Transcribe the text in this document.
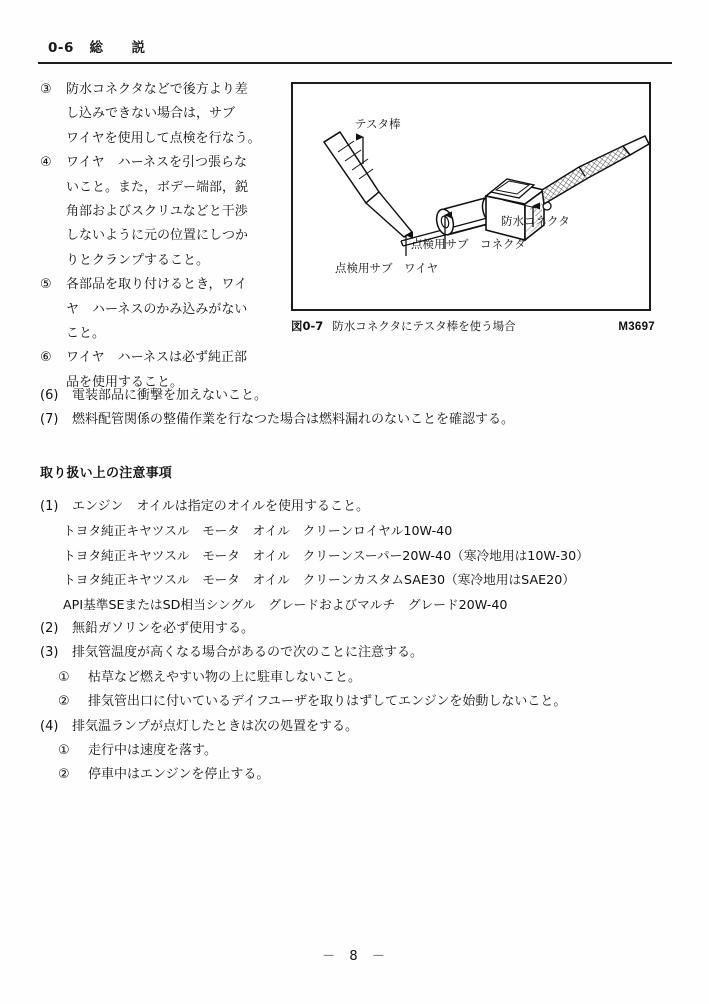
0-6 総　　説
③	防水コネクタなどで後方より差
し込みできない場合は，サブ
ワイヤを使用して点検を行なう。
④	ワイヤ　ハーネスを引つ張らな
いこと。また，ボデー端部，鋭
角部およびスクリユなどと干渉
しないように元の位置にしつか
りとクランプすること。
⑤	各部品を取り付けるとき，ワイ
ヤ　ハーネスのかみ込みがない
こと。
⑥	ワイヤ　ハーネスは必ず純正部
品を使用すること。
テスタ棒
点検用サブ　ワイヤ
点検用サブ　コネクタ
防水コネクタ
図0-7 防水コネクタにテスタ棒を使う場合	M3697
(6)	電装部品に衝撃を加えないこと。
(7)	燃料配管関係の整備作業を行なつた場合は燃料漏れのないことを確認する。
取り扱い上の注意事項
(1)	エンジン　オイルは指定のオイルを使用すること。
トヨタ純正キヤツスル　モータ　オイル　クリーンロイヤル10W-40
トヨタ純正キヤツスル　モータ　オイル　クリーンスーパー20W-40（寒冷地用は10W-30）
トヨタ純正キヤツスル　モータ　オイル　クリーンカスタムSAE30（寒冷地用はSAE20）
API基準SEまたはSD相当シングル　グレードおよびマルチ　グレード20W-40
(2)	無鉛ガソリンを必ず使用する。
(3)	排気管温度が高くなる場合があるので次のことに注意する。
①	枯草など燃えやすい物の上に駐車しないこと。
②	排気管出口に付いているデイフユーザを取りはずしてエンジンを始動しないこと。
(4)	排気温ランプが点灯したときは次の処置をする。
①	走行中は速度を落す。
②	停車中はエンジンを停止する。
－  8  －
